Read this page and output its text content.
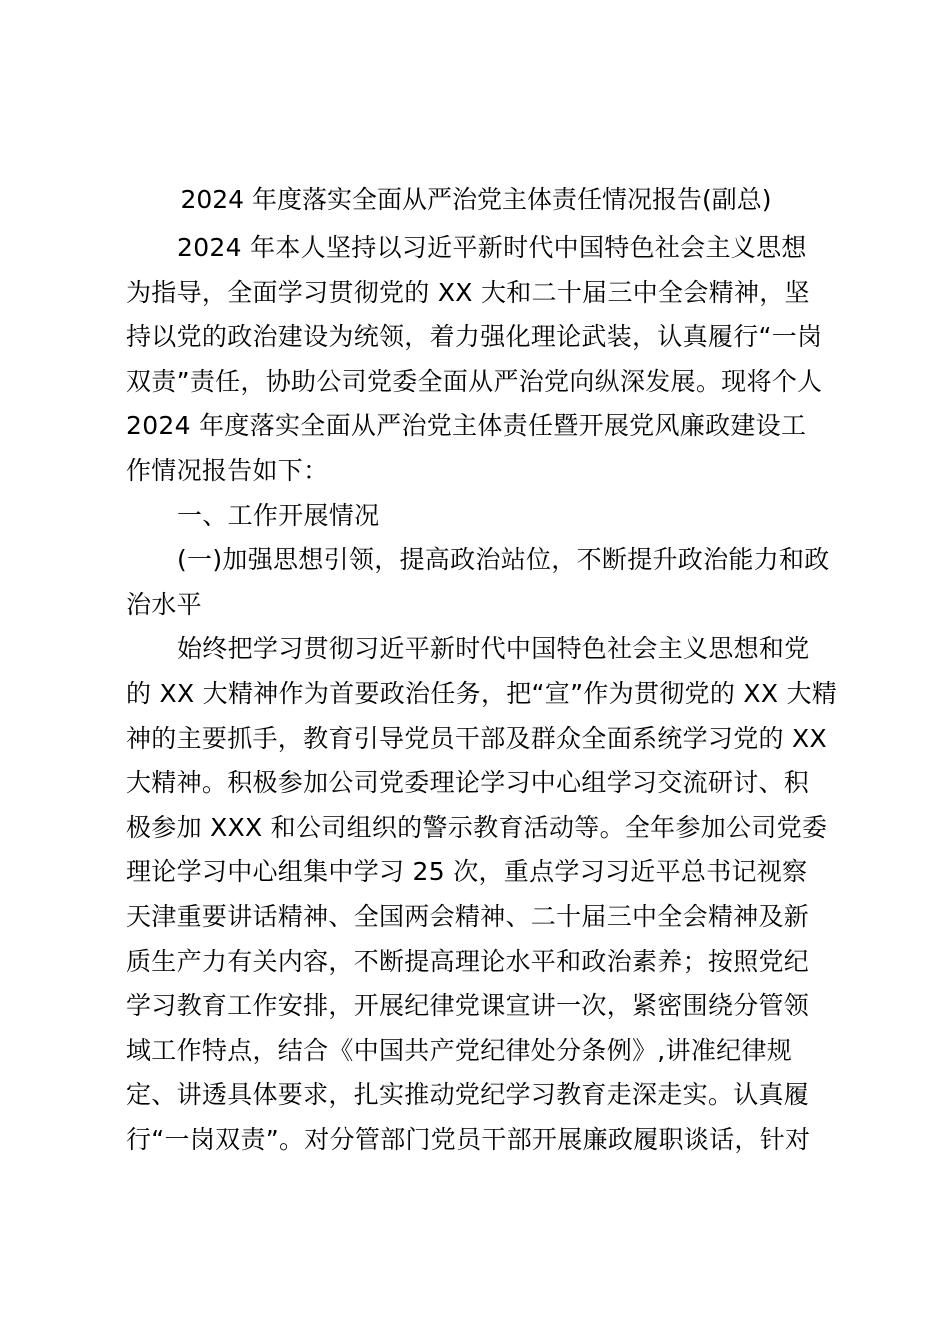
2024 年度落实全面从严治党主体责任情况报告(副总)
2024 年本人坚持以习近平新时代中国特色社会主义思想
为指导，全面学习贯彻党的 XX 大和二十届三中全会精神，坚
持以党的政治建设为统领，着力强化理论武装，认真履行“一岗
双责”责任，协助公司党委全面从严治党向纵深发展。现将个人
2024 年度落实全面从严治党主体责任暨开展党风廉政建设工
作情况报告如下：
一、工作开展情况
(一)加强思想引领，提高政治站位，不断提升政治能力和政
治水平
始终把学习贯彻习近平新时代中国特色社会主义思想和党
的 XX 大精神作为首要政治任务，把“宣”作为贯彻党的 XX 大精
神的主要抓手，教育引导党员干部及群众全面系统学习党的 XX
大精神。积极参加公司党委理论学习中心组学习交流研讨、积
极参加 XXX 和公司组织的警示教育活动等。全年参加公司党委
理论学习中心组集中学习 25 次，重点学习习近平总书记视察
天津重要讲话精神、全国两会精神、二十届三中全会精神及新
质生产力有关内容，不断提高理论水平和政治素养；按照党纪
学习教育工作安排，开展纪律党课宣讲一次，紧密围绕分管领
域工作特点，结合《中国共产党纪律处分条例》,讲准纪律规
定、讲透具体要求，扎实推动党纪学习教育走深走实。认真履
行“一岗双责”。对分管部门党员干部开展廉政履职谈话，针对
